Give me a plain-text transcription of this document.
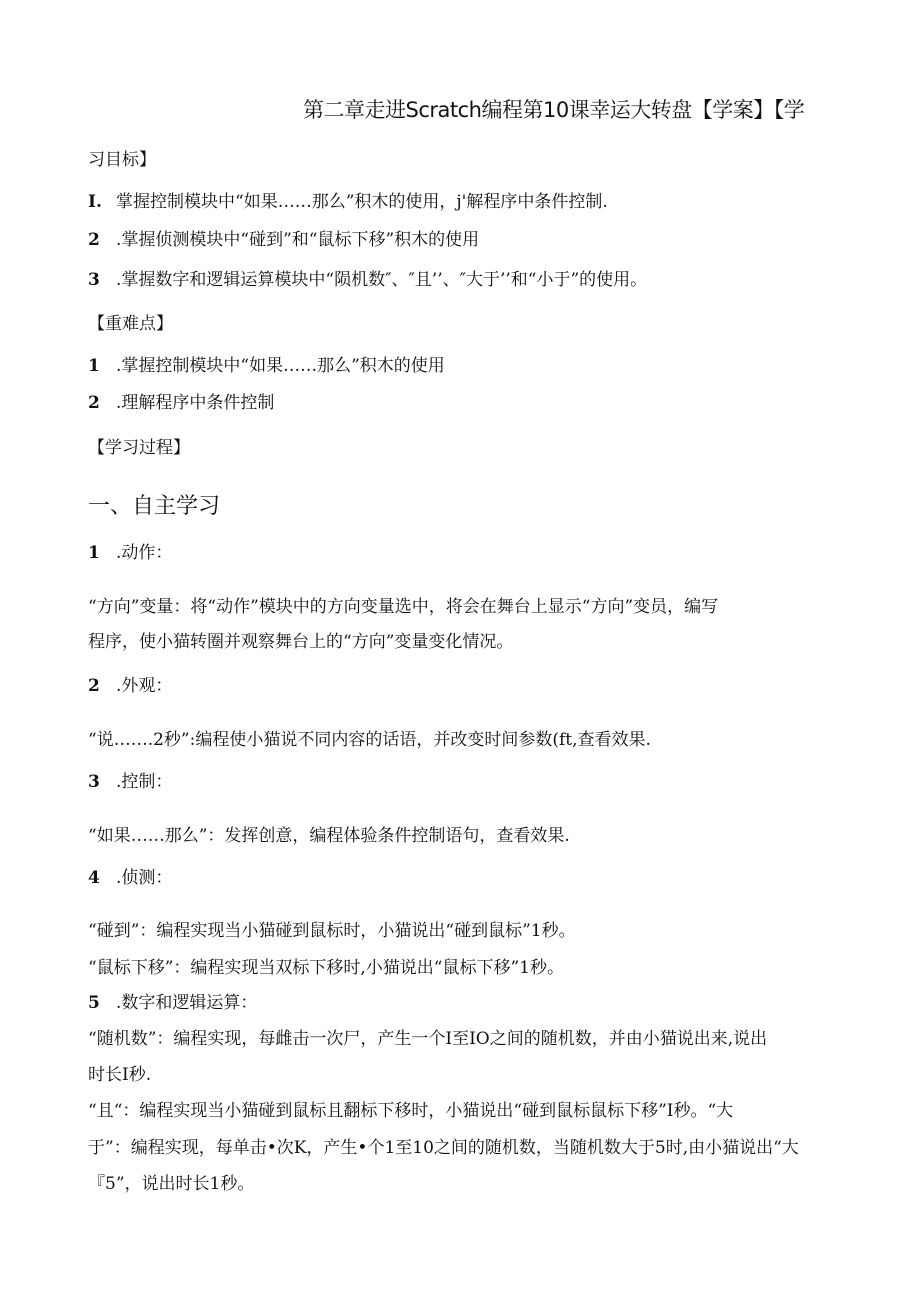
第二章走进Scratch编程第10课幸运大转盘【学案】【学
习目标】
I. 掌握控制模块中“如果……那么”积木的使用，j'解程序中条件控制.
2 .掌握侦测模块中“碰到”和“鼠标下移”积木的使用
3 .掌握数字和逻辑运算模块中“陨机数″、″且’’、″大于’’和“小于”的使用。
【重难点】
1 .掌握控制模块中“如果……那么”积木的使用
2 .理解程序中条件控制
【学习过程】
一、自主学习
1 .动作：
“方向”变量：将“动作”模块中的方向变量选中，将会在舞台上显示“方向”变员，编写
程序，使小猫转圈并观察舞台上的“方向”变量变化情况。
2 .外观：
“说…….2秒”:编程使小猫说不同内容的话语，并改变时间参数(ft,查看效果.
3 .控制：
“如果……那么”：发挥创意，编程体验条件控制语句，查看效果.
4 .侦测：
“碰到”：编程实现当小猫碰到鼠标时，小猫说出“碰到鼠标”1秒。
“鼠标下移”：编程实现当双标下移时,小猫说出“鼠标下移”1秒。
5 .数字和逻辑运算：
“随机数”：编程实现，每雌击一次尸，产生一个I至IO之间的随机数，并由小猫说出来,说出
时长I秒.
“且“：编程实现当小猫碰到鼠标且翻标下移时，小猫说出“碰到鼠标鼠标下移”I秒。“大
于”：编程实现，每单击•次K，产生•个1至10之间的随机数，当随机数大于5时,由小猫说出“大
『5”，说出时长1秒。
